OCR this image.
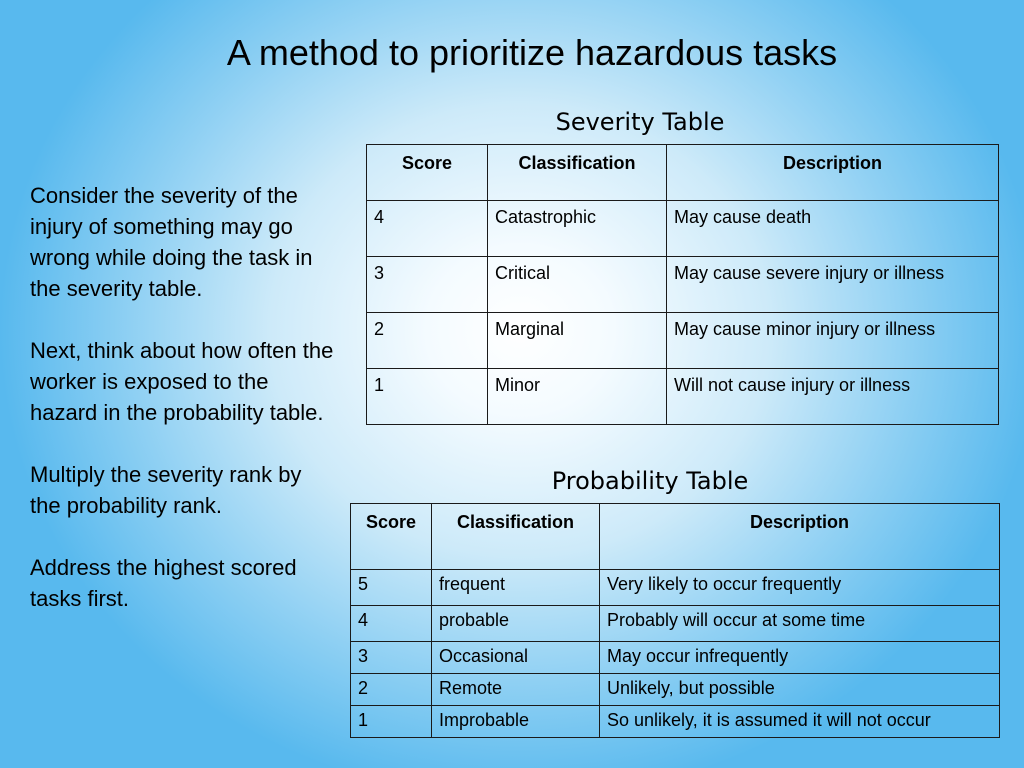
A method to prioritize hazardous tasks

Consider the severity of the injury of something may go wrong while doing the task in the severity table.

Next, think about how often the worker is exposed to the hazard in the probability table.

Multiply the severity rank by the probability rank.

Address the highest scored tasks first.

Severity Table
Score	Classification	Description
4	Catastrophic	May cause death
3	Critical	May cause severe injury or illness
2	Marginal	May cause minor injury or illness
1	Minor	Will not cause injury or illness
Probability Table
Score	Classification	Description
5	frequent	Very likely to occur frequently
4	probable	Probably will occur at some time
3	Occasional	May occur infrequently
2	Remote	Unlikely, but possible
1	Improbable	So unlikely, it is assumed it will not occur
